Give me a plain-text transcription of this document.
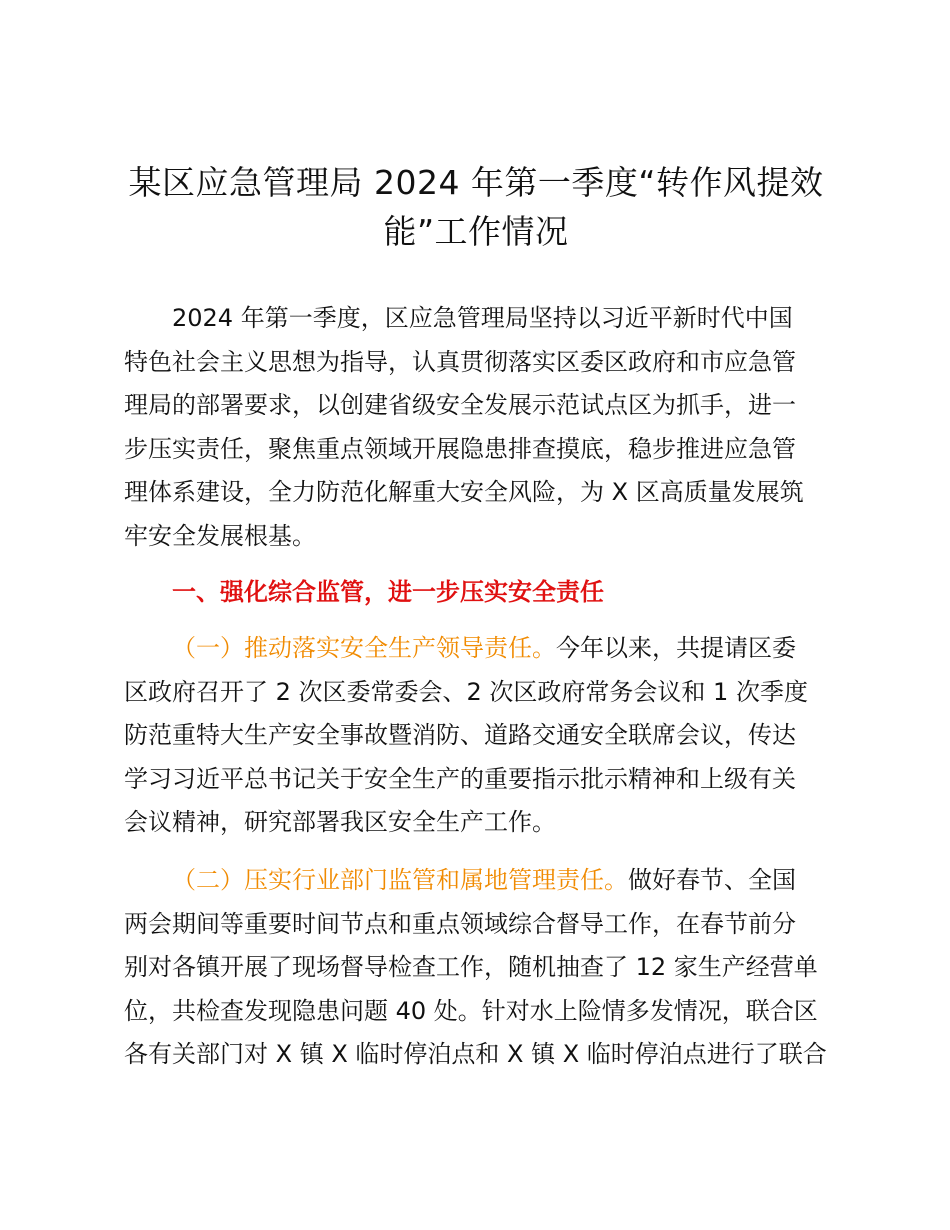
某区应急管理局 2024 年第一季度“转作风提效
能”工作情况
2024 年第一季度，区应急管理局坚持以习近平新时代中国
特色社会主义思想为指导，认真贯彻落实区委区政府和市应急管
理局的部署要求，以创建省级安全发展示范试点区为抓手，进一
步压实责任，聚焦重点领域开展隐患排查摸底，稳步推进应急管
理体系建设，全力防范化解重大安全风险，为 X 区高质量发展筑
牢安全发展根基。
一、强化综合监管，进一步压实安全责任
（一）推动落实安全生产领导责任。今年以来，共提请区委
区政府召开了 2 次区委常委会、2 次区政府常务会议和 1 次季度
防范重特大生产安全事故暨消防、道路交通安全联席会议，传达
学习习近平总书记关于安全生产的重要指示批示精神和上级有关
会议精神，研究部署我区安全生产工作。
（二）压实行业部门监管和属地管理责任。做好春节、全国
两会期间等重要时间节点和重点领域综合督导工作，在春节前分
别对各镇开展了现场督导检查工作，随机抽查了 12 家生产经营单
位，共检查发现隐患问题 40 处。针对水上险情多发情况，联合区
各有关部门对 X 镇 X 临时停泊点和 X 镇 X 临时停泊点进行了联合
